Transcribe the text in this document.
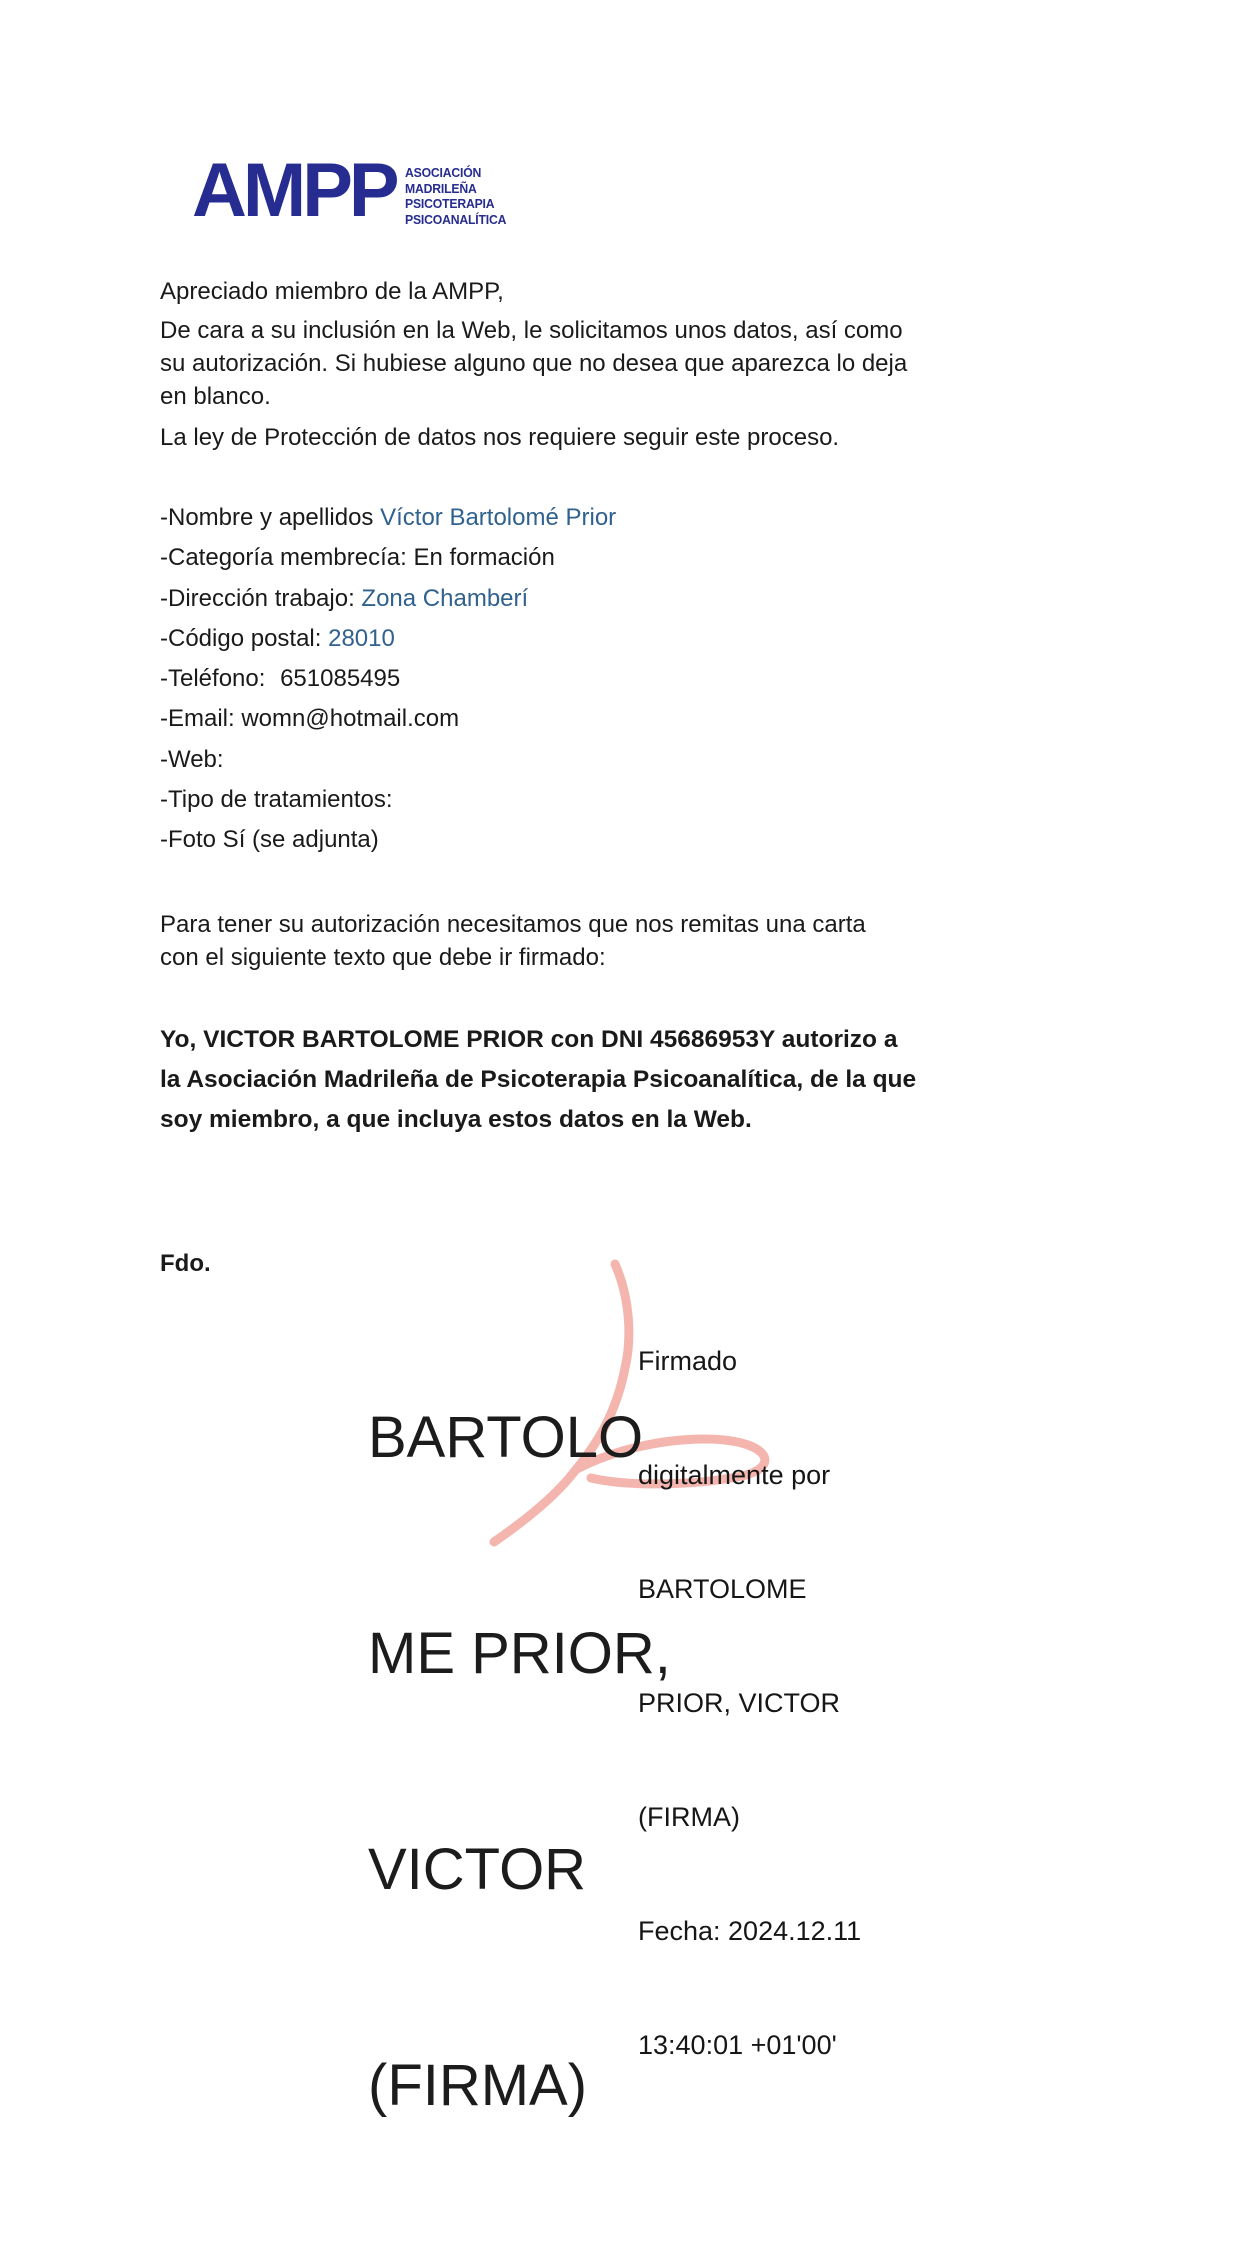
AMPP ASOCIACIÓN
MADRILEÑA
PSICOTERAPIA
PSICOANALÍTICA
Apreciado miembro de la AMPP,
De cara a su inclusión en la Web, le solicitamos unos datos, así como
su autorización. Si hubiese alguno que no desea que aparezca lo deja
en blanco.
La ley de Protección de datos nos requiere seguir este proceso.
-Nombre y apellidos Víctor Bartolomé Prior
-Categoría membrecía: En formación
-Dirección trabajo: Zona Chamberí
-Código postal: 28010
-Teléfono: 651085495
-Email: womn@hotmail.com
-Web:
-Tipo de tratamientos:
-Foto Sí (se adjunta)
Para tener su autorización necesitamos que nos remitas una carta
con el siguiente texto que debe ir firmado:
Yo, VICTOR BARTOLOME PRIOR con DNI 45686953Y autorizo a
la Asociación Madrileña de Psicoterapia Psicoanalítica, de la que
soy miembro, a que incluya estos datos en la Web.
Fdo.

BARTOLO

ME PRIOR,

VICTOR

(FIRMA)

Firmado

digitalmente por

BARTOLOME

PRIOR, VICTOR

(FIRMA)

Fecha: 2024.12.11

13:40:01 +01'00'
